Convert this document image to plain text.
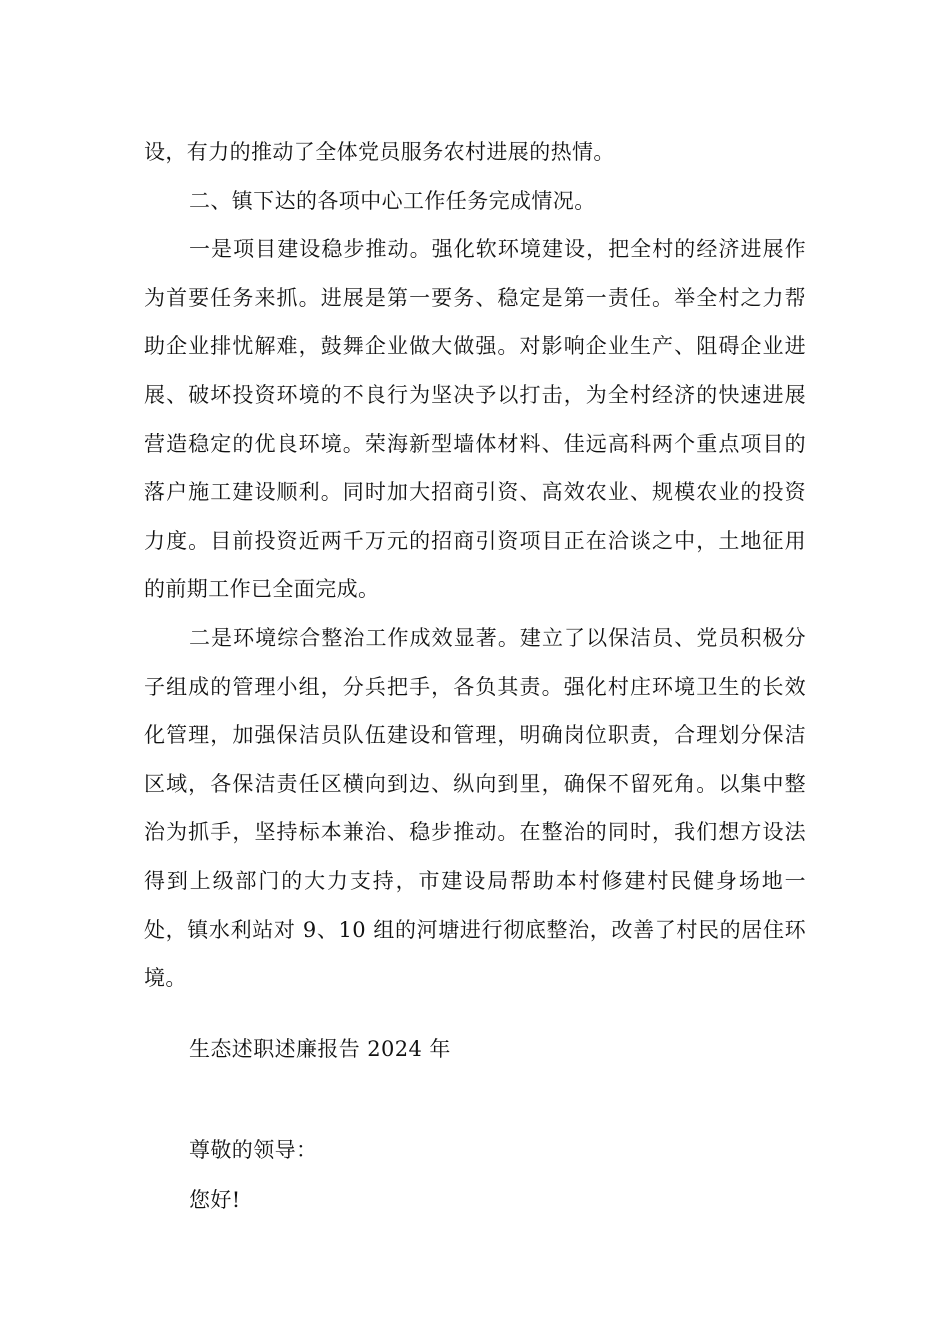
设，有力的推动了全体党员服务农村进展的热情。

二、镇下达的各项中心工作任务完成情况。

一是项目建设稳步推动。强化软环境建设，把全村的经济进展作为首要任务来抓。进展是第一要务、稳定是第一责任。举全村之力帮助企业排忧解难，鼓舞企业做大做强。对影响企业生产、阻碍企业进展、破坏投资环境的不良行为坚决予以打击，为全村经济的快速进展营造稳定的优良环境。荣海新型墙体材料、佳远高科两个重点项目的落户施工建设顺利。同时加大招商引资、高效农业、规模农业的投资力度。目前投资近两千万元的招商引资项目正在洽谈之中，土地征用的前期工作已全面完成。

二是环境综合整治工作成效显著。建立了以保洁员、党员积极分子组成的管理小组，分兵把手，各负其责。强化村庄环境卫生的长效化管理，加强保洁员队伍建设和管理，明确岗位职责，合理划分保洁区域，各保洁责任区横向到边、纵向到里，确保不留死角。以集中整治为抓手，坚持标本兼治、稳步推动。在整治的同时，我们想方设法得到上级部门的大力支持，市建设局帮助本村修建村民健身场地一处，镇水利站对 9、10 组的河塘进行彻底整治，改善了村民的居住环境。

生态述职述廉报告 2024 年

尊敬的领导：

您好!
